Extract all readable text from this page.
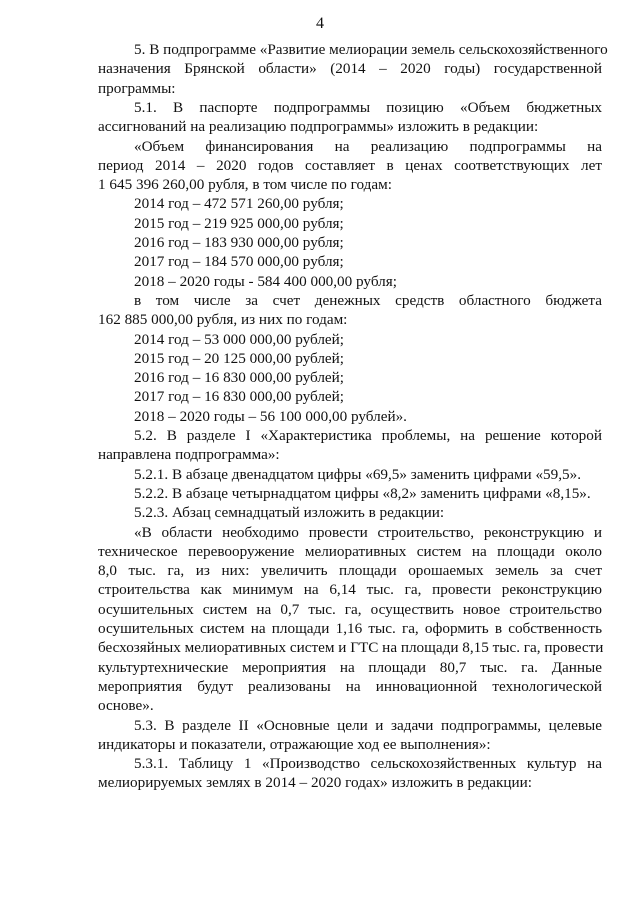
4
5. В подпрограмме «Развитие мелиорации земель сельскохозяйственного
назначения Брянской области» (2014 – 2020 годы) государственной
программы:
5.1. В паспорте подпрограммы позицию «Объем бюджетных
ассигнований на реализацию подпрограммы» изложить в редакции:
«Объем финансирования на реализацию подпрограммы на
период 2014 – 2020 годов составляет в ценах соответствующих лет
1 645 396 260,00 рубля, в том числе по годам:
2014 год – 472 571 260,00 рубля;
2015 год – 219 925 000,00 рубля;
2016 год – 183 930 000,00 рубля;
2017 год – 184 570 000,00 рубля;
2018 – 2020 годы - 584 400 000,00 рубля;
в том числе за счет денежных средств областного бюджета
162 885 000,00 рубля, из них по годам:
2014 год – 53 000 000,00 рублей;
2015 год – 20 125 000,00 рублей;
2016 год – 16 830 000,00 рублей;
2017 год – 16 830 000,00 рублей;
2018 – 2020 годы – 56 100 000,00 рублей».
5.2. В разделе I «Характеристика проблемы, на решение которой
направлена подпрограмма»:
5.2.1. В абзаце двенадцатом цифры «69,5» заменить цифрами «59,5».
5.2.2. В абзаце четырнадцатом цифры «8,2» заменить цифрами «8,15».
5.2.3. Абзац семнадцатый изложить в редакции:
«В области необходимо провести строительство, реконструкцию и
техническое перевооружение мелиоративных систем на площади около
8,0 тыс. га, из них: увеличить площади орошаемых земель за счет
строительства как минимум на 6,14 тыс. га, провести реконструкцию
осушительных систем на 0,7 тыс. га, осуществить новое строительство
осушительных систем на площади 1,16 тыс. га, оформить в собственность
бесхозяйных мелиоративных систем и ГТС на площади 8,15 тыс. га, провести
культуртехнические мероприятия на площади 80,7 тыс. га. Данные
мероприятия будут реализованы на инновационной технологической
основе».
5.3. В разделе II «Основные цели и задачи подпрограммы, целевые
индикаторы и показатели, отражающие ход ее выполнения»:
5.3.1. Таблицу 1 «Производство сельскохозяйственных культур на
мелиорируемых землях в 2014 – 2020 годах» изложить в редакции:
